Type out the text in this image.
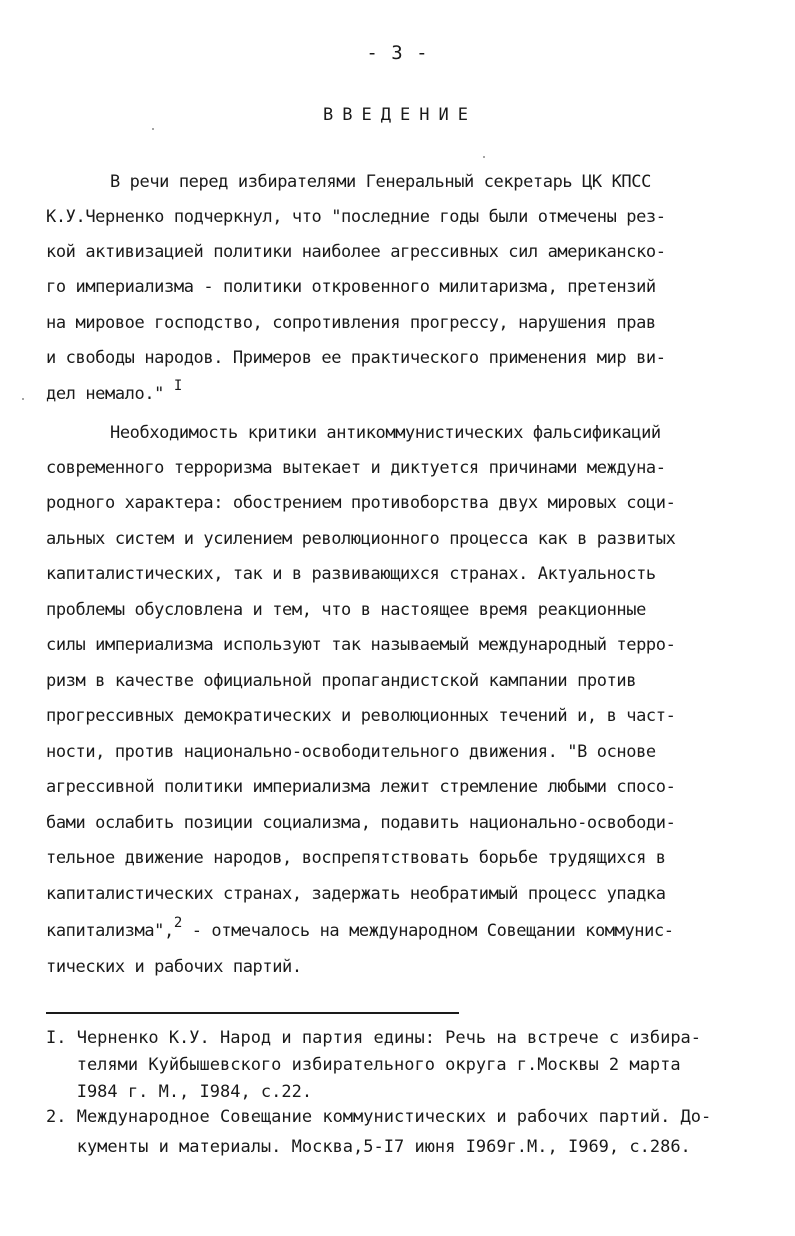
- 3 -
ВВЕДЕНИЕ
В речи перед избирателями Генеральный секретарь ЦК КПСС
К.У.Черненко подчеркнул, что "последние годы были отмечены рез-
кой активизацией политики наиболее агрессивных сил американско-
го империализма - политики откровенного милитаризма, претензий
на мировое господство, сопротивления прогрессу, нарушения прав
и свободы народов. Примеров ее практического применения мир ви-
дел немало." $^I$
Необходимость критики антикоммунистических фальсификаций
современного терроризма вытекает и диктуется причинами междуна-
родного характера: обострением противоборства двух мировых соци-
альных систем и усилением революционного процесса как в развитых
капиталистических, так и в развивающихся странах. Актуальность
проблемы обусловлена и тем, что в настоящее время реакционные
силы империализма используют так называемый международный терро-
ризм в качестве официальной пропагандистской кампании против
прогрессивных демократических и революционных течений и, в част-
ности, против национально-освободительного движения. "В основе
агрессивной политики империализма лежит стремление любыми спосо-
бами ослабить позиции социализма, подавить национально-освободи-
тельное движение народов, воспрепятствовать борьбе трудящихся в
капиталистических странах, задержать необратимый процесс упадка
капитализма",$^2$ - отмечалось на международном Совещании коммунис-
тических и рабочих партий.
I. Черненко К.У. Народ и партия едины: Речь на встрече с избира-
телями Куйбышевского избирательного округа г.Москвы 2 марта
I984 г. М., I984, с.22.
2. Международное Совещание коммунистических и рабочих партий. До-
кументы и материалы. Москва,5-I7 июня I969г.М., I969, с.286.
